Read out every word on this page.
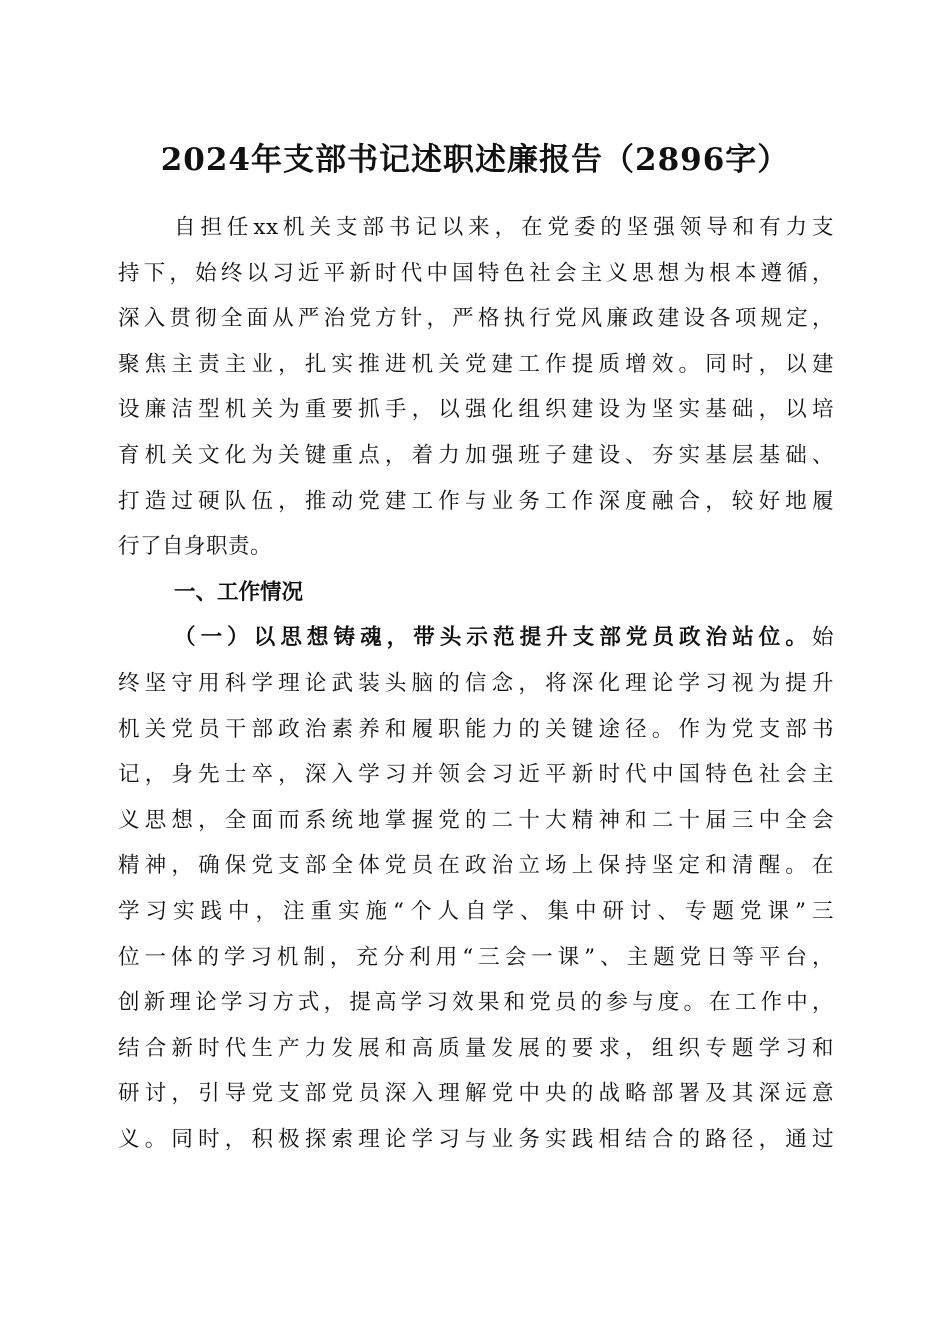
2024年支部书记述职述廉报告（2896字）
自担任xx机关支部书记以来，在党委的坚强领导和有力支
持下，始终以习近平新时代中国特色社会主义思想为根本遵循，
深入贯彻全面从严治党方针，严格执行党风廉政建设各项规定，
聚焦主责主业，扎实推进机关党建工作提质增效。同时，以建
设廉洁型机关为重要抓手，以强化组织建设为坚实基础，以培
育机关文化为关键重点，着力加强班子建设、夯实基层基础、
打造过硬队伍，推动党建工作与业务工作深度融合，较好地履
行了自身职责。
一、工作情况
（一）以思想铸魂，带头示范提升支部党员政治站位。始
终坚守用科学理论武装头脑的信念，将深化理论学习视为提升
机关党员干部政治素养和履职能力的关键途径。作为党支部书
记，身先士卒，深入学习并领会习近平新时代中国特色社会主
义思想，全面而系统地掌握党的二十大精神和二十届三中全会
精神，确保党支部全体党员在政治立场上保持坚定和清醒。在
学习实践中，注重实施“个人自学、集中研讨、专题党课”三
位一体的学习机制，充分利用“三会一课”、主题党日等平台，
创新理论学习方式，提高学习效果和党员的参与度。在工作中，
结合新时代生产力发展和高质量发展的要求，组织专题学习和
研讨，引导党支部党员深入理解党中央的战略部署及其深远意
义。同时，积极探索理论学习与业务实践相结合的路径，通过
